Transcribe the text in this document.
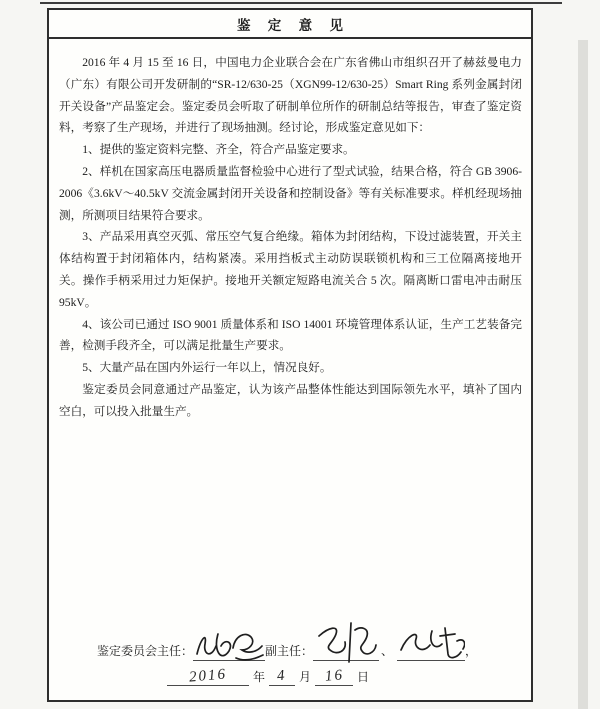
鉴 定 意 见

2016 年 4 月 15 至 16 日，中国电力企业联合会在广东省佛山市组织召开了赫兹曼电力（广东）有限公司开发研制的“SR-12/630-25（XGN99-12/630-25）Smart Ring 系列金属封闭开关设备”产品鉴定会。鉴定委员会听取了研制单位所作的研制总结等报告，审查了鉴定资料，考察了生产现场，并进行了现场抽测。经讨论，形成鉴定意见如下：

1、提供的鉴定资料完整、齐全，符合产品鉴定要求。

2、样机在国家高压电器质量监督检验中心进行了型式试验，结果合格，符合 GB 3906-2006《3.6kV～40.5kV 交流金属封闭开关设备和控制设备》等有关标准要求。样机经现场抽测，所测项目结果符合要求。

3、产品采用真空灭弧、常压空气复合绝缘。箱体为封闭结构，下设过滤装置，开关主体结构置于封闭箱体内，结构紧凑。采用挡板式主动防误联锁机构和三工位隔离接地开关。操作手柄采用过力矩保护。接地开关额定短路电流关合 5 次。隔离断口雷电冲击耐压 95kV。

4、该公司已通过 ISO 9001 质量体系和 ISO 14001 环境管理体系认证，生产工艺装备完善，检测手段齐全，可以满足批量生产要求。

5、大量产品在国内外运行一年以上，情况良好。

鉴定委员会同意通过产品鉴定，认为该产品整体性能达到国际领先水平，填补了国内空白，可以投入批量生产。

鉴定委员会主任：	副主任：	、	，
2016	年 4 月 16	日
